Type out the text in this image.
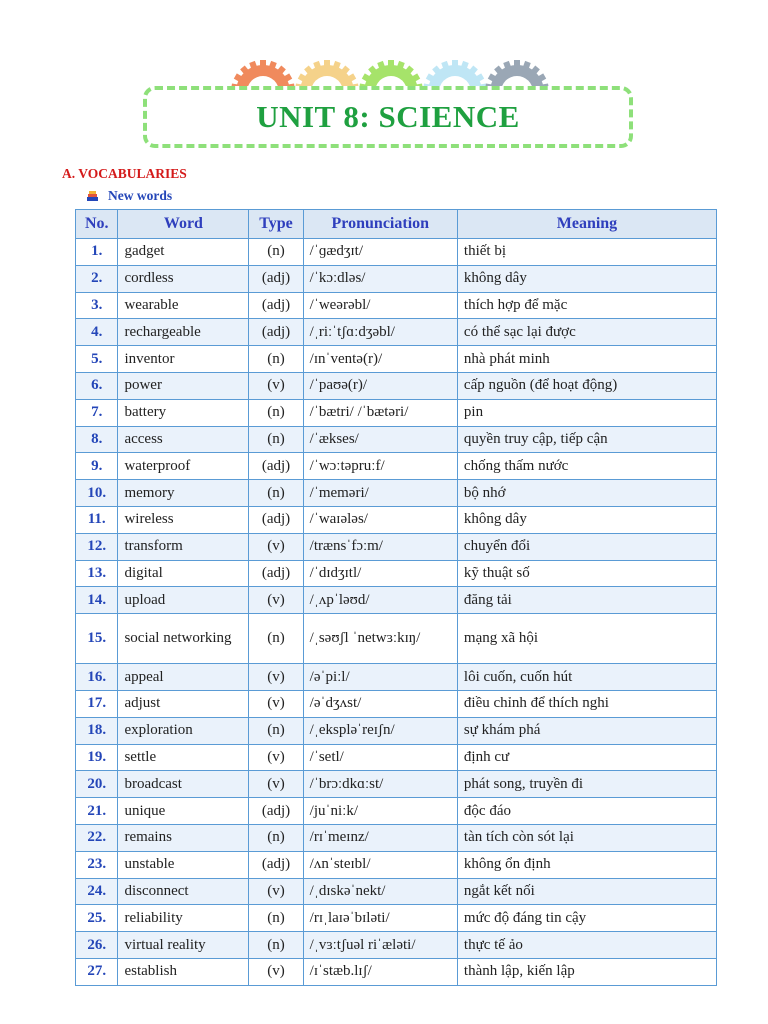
UNIT 8: SCIENCE
A. VOCABULARIES
New words
No.	Word	Type	Pronunciation	Meaning
1.	gadget	(n)	/ˈɡædʒɪt/	thiết bị
2.	cordless	(adj)	/ˈkɔːdləs/	không dây
3.	wearable	(adj)	/ˈweərəbl/	thích hợp để mặc
4.	rechargeable	(adj)	/ˌriːˈtʃɑːdʒəbl/	có thể sạc lại được
5.	inventor	(n)	/ɪnˈventə(r)/	nhà phát minh
6.	power	(v)	/ˈpaʊə(r)/	cấp nguồn (để hoạt động)
7.	battery	(n)	/ˈbætri/ /ˈbætəri/	pin
8.	access	(n)	/ˈækses/	quyền truy cập, tiếp cận
9.	waterproof	(adj)	/ˈwɔːtəpruːf/	chống thấm nước
10.	memory	(n)	/ˈmeməri/	bộ nhớ
11.	wireless	(adj)	/ˈwaɪələs/	không dây
12.	transform	(v)	/trænsˈfɔːm/	chuyển đổi
13.	digital	(adj)	/ˈdɪdʒɪtl/	kỹ thuật số
14.	upload	(v)	/ˌʌpˈləʊd/	đăng tải
15.	social networking	(n)	/ˌsəʊʃl ˈnetwɜːkɪŋ/	mạng xã hội
16.	appeal	(v)	/əˈpiːl/	lôi cuốn, cuốn hút
17.	adjust	(v)	/əˈdʒʌst/	điều chỉnh để thích nghi
18.	exploration	(n)	/ˌekspləˈreɪʃn/	sự khám phá
19.	settle	(v)	/ˈsetl/	định cư
20.	broadcast	(v)	/ˈbrɔːdkɑːst/	phát song, truyền đi
21.	unique	(adj)	/juˈniːk/	độc đáo
22.	remains	(n)	/rɪˈmeɪnz/	tàn tích còn sót lại
23.	unstable	(adj)	/ʌnˈsteɪbl/	không ổn định
24.	disconnect	(v)	/ˌdɪskəˈnekt/	ngắt kết nối
25.	reliability	(n)	/rɪˌlaɪəˈbɪləti/	mức độ đáng tin cậy
26.	virtual reality	(n)	/ˌvɜːtʃuəl riˈæləti/	thực tế ảo
27.	establish	(v)	/ɪˈstæb.lɪʃ/	thành lập, kiến lập
